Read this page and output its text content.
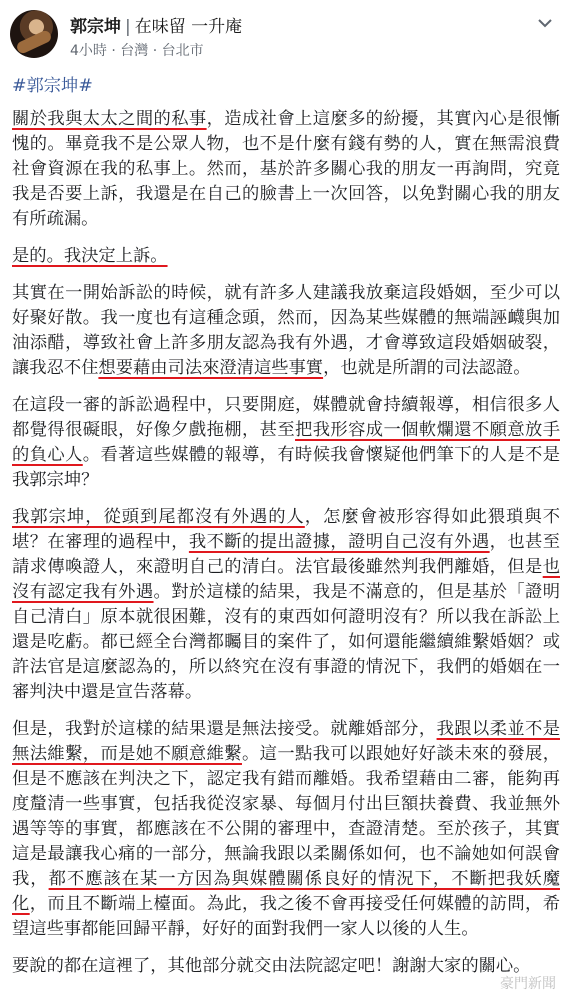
郭宗坤 | 在味留 一升庵
4小時 · 台灣 · 台北市
#郭宗坤#

關於我與太太之間的私事，造成社會上這麼多的紛擾，其實內心是很慚愧的。畢竟我不是公眾人物，也不是什麼有錢有勢的人，實在無需浪費社會資源在我的私事上。然而，基於許多關心我的朋友一再詢問，究竟我是否要上訴，我還是在自己的臉書上一次回答，以免對關心我的朋友有所疏漏。

是的。我決定上訴。

其實在一開始訴訟的時候，就有許多人建議我放棄這段婚姻，至少可以好聚好散。我一度也有這種念頭，然而，因為某些媒體的無端誣衊與加油添醋，導致社會上許多朋友認為我有外遇，才會導致這段婚姻破裂，讓我忍不住想要藉由司法來澄清這些事實，也就是所謂的司法認證。

在這段一審的訴訟過程中，只要開庭，媒體就會持續報導，相信很多人都覺得很礙眼，好像夕戲拖棚，甚至把我形容成一個軟爛還不願意放手的負心人。看著這些媒體的報導，有時候我會懷疑他們筆下的人是不是我郭宗坤？

我郭宗坤，從頭到尾都沒有外遇的人，怎麼會被形容得如此猥瑣與不堪？在審理的過程中，我不斷的提出證據，證明自己沒有外遇，也甚至請求傳喚證人，來證明自己的清白。法官最後雖然判我們離婚，但是也沒有認定我有外遇。對於這樣的結果，我是不滿意的，但是基於「證明自己清白」原本就很困難，沒有的東西如何證明沒有？所以我在訴訟上還是吃虧。都已經全台灣都矚目的案件了，如何還能繼續維繫婚姻？或許法官是這麼認為的，所以終究在沒有事證的情況下，我們的婚姻在一審判決中還是宣告落幕。

但是，我對於這樣的結果還是無法接受。就離婚部分，我跟以柔並不是無法維繫，而是她不願意維繫。這一點我可以跟她好好談未來的發展，但是不應該在判決之下，認定我有錯而離婚。我希望藉由二審，能夠再度釐清一些事實，包括我從沒家暴、每個月付出巨額扶養費、我並無外遇等等的事實，都應該在不公開的審理中，查證清楚。至於孩子，其實這是最讓我心痛的一部分，無論我跟以柔關係如何，也不論她如何誤會我，都不應該在某一方因為與媒體關係良好的情況下，不斷把我妖魔化，而且不斷端上檯面。為此，我之後不會再接受任何媒體的訪問，希望這些事都能回歸平靜，好好的面對我們一家人以後的人生。

要說的都在這裡了，其他部分就交由法院認定吧！謝謝大家的關心。

豪門新聞
